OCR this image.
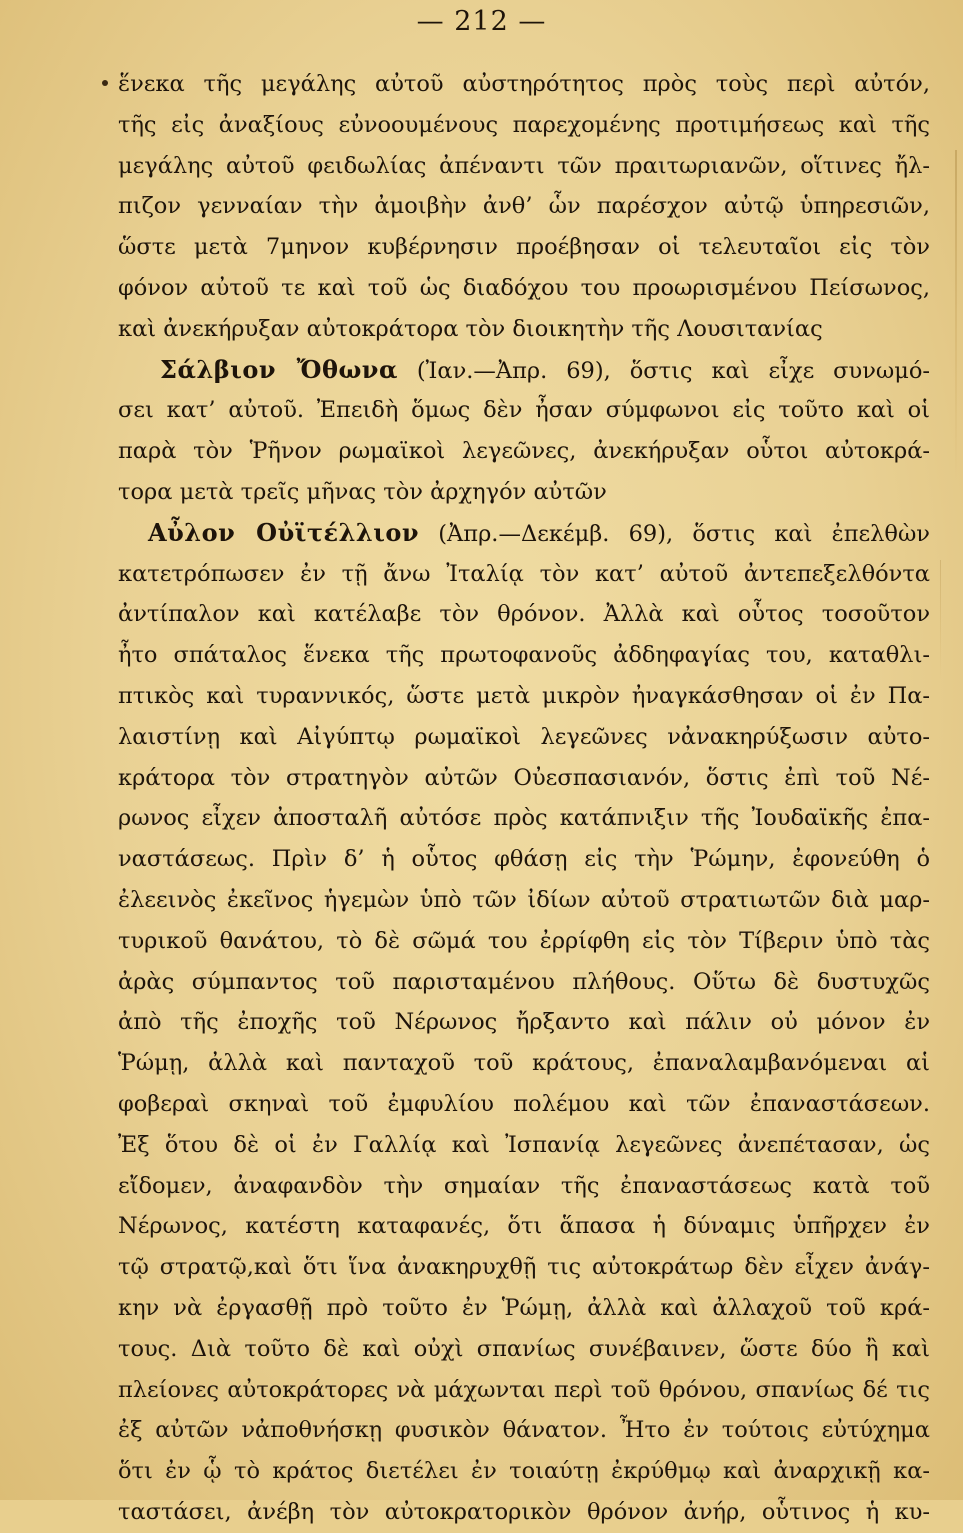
— 212 —
ἕνεκα τῆς μεγάλης αὐτοῦ αὐστηρότητος πρὸς τοὺς περὶ αὐτόν,
τῆς εἰς ἀναξίους εὐνοουμένους παρεχομένης προτιμήσεως καὶ τῆς
μεγάλης αὐτοῦ φειδωλίας ἀπέναντι τῶν πραιτωριανῶν, οἵτινες ἤλ-
πιζον γενναίαν τὴν ἀμοιβὴν ἀνθ’ ὧν παρέσχον αὐτῷ ὑπηρεσιῶν,
ὥστε μετὰ 7μηνον κυβέρνησιν προέβησαν οἱ τελευταῖοι εἰς τὸν
φόνον αὐτοῦ τε καὶ τοῦ ὡς διαδόχου του προωρισμένου Πείσωνος,
καὶ ἀνεκήρυξαν αὐτοκράτορα τὸν διοικητὴν τῆς Λουσιτανίας
Σάλβιον Ὄθωνα (Ἰαν.—Ἀπρ. 69), ὅστις καὶ εἶχε συνωμό-
σει κατ’ αὐτοῦ. Ἐπειδὴ ὅμως δὲν ἦσαν σύμφωνοι εἰς τοῦτο καὶ οἱ
παρὰ τὸν Ῥῆνον ρωμαϊκοὶ λεγεῶνες, ἀνεκήρυξαν οὗτοι αὐτοκρά-
τορα μετὰ τρεῖς μῆνας τὸν ἀρχηγόν αὐτῶν
Αὖλον Οὐϊτέλλιον (Ἀπρ.—Δεκέμβ. 69), ὅστις καὶ ἐπελθὼν
κατετρόπωσεν ἐν τῇ ἄνω Ἰταλίᾳ τὸν κατ’ αὐτοῦ ἀντεπεξελθόντα
ἀντίπαλον καὶ κατέλαβε τὸν θρόνον. Ἀλλὰ καὶ οὗτος τοσοῦτον
ἦτο σπάταλος ἕνεκα τῆς πρωτοφανοῦς ἀδδηφαγίας του, καταθλι-
πτικὸς καὶ τυραννικός, ὥστε μετὰ μικρὸν ἠναγκάσθησαν οἱ ἐν Πα-
λαιστίνῃ καὶ Αἰγύπτῳ ρωμαϊκοὶ λεγεῶνες νἀνακηρύξωσιν αὐτο-
κράτορα τὸν στρατηγὸν αὐτῶν Οὐεσπασιανόν, ὅστις ἐπὶ τοῦ Νέ-
ρωνος εἶχεν ἀποσταλῆ αὐτόσε πρὸς κατάπνιξιν τῆς Ἰουδαϊκῆς ἐπα-
ναστάσεως. Πρὶν δ’ ἡ οὗτος φθάσῃ εἰς τὴν Ῥώμην, ἐφονεύθη ὁ
ἐλεεινὸς ἐκεῖνος ἡγεμὼν ὑπὸ τῶν ἰδίων αὐτοῦ στρατιωτῶν διὰ μαρ-
τυρικοῦ θανάτου, τὸ δὲ σῶμά του ἐρρίφθη εἰς τὸν Τίβεριν ὑπὸ τὰς
ἀρὰς σύμπαντος τοῦ παρισταμένου πλήθους. Οὕτω δὲ δυστυχῶς
ἀπὸ τῆς ἐποχῆς τοῦ Νέρωνος ἤρξαντο καὶ πάλιν οὐ μόνον ἐν
Ῥώμῃ, ἀλλὰ καὶ πανταχοῦ τοῦ κράτους, ἐπαναλαμβανόμεναι αἱ
φοβεραὶ σκηναὶ τοῦ ἐμφυλίου πολέμου καὶ τῶν ἐπαναστάσεων.
Ἐξ ὅτου δὲ οἱ ἐν Γαλλίᾳ καὶ Ἰσπανίᾳ λεγεῶνες ἀνεπέτασαν, ὡς
εἴδομεν, ἀναφανδὸν τὴν σημαίαν τῆς ἐπαναστάσεως κατὰ τοῦ
Νέρωνος, κατέστη καταφανές, ὅτι ἅπασα ἡ δύναμις ὑπῆρχεν ἐν
τῷ στρατῷ,καὶ ὅτι ἵνα ἀνακηρυχθῇ τις αὐτοκράτωρ δὲν εἶχεν ἀνάγ-
κην νὰ ἐργασθῇ πρὸ τοῦτο ἐν Ῥώμῃ, ἀλλὰ καὶ ἀλλαχοῦ τοῦ κρά-
τους. Διὰ τοῦτο δὲ καὶ οὐχὶ σπανίως συνέβαινεν, ὥστε δύο ἢ καὶ
πλείονες αὐτοκράτορες νὰ μάχωνται περὶ τοῦ θρόνου, σπανίως δέ τις
ἐξ αὐτῶν νἀποθνήσκῃ φυσικὸν θάνατον. Ἦτο ἐν τούτοις εὐτύχημα
ὅτι ἐν ᾧ τὸ κράτος διετέλει ἐν τοιαύτῃ ἐκρύθμῳ καὶ ἀναρχικῇ κα-
ταστάσει, ἀνέβη τὸν αὐτοκρατορικὸν θρόνον ἀνήρ, οὗτινος ἡ κυ-
